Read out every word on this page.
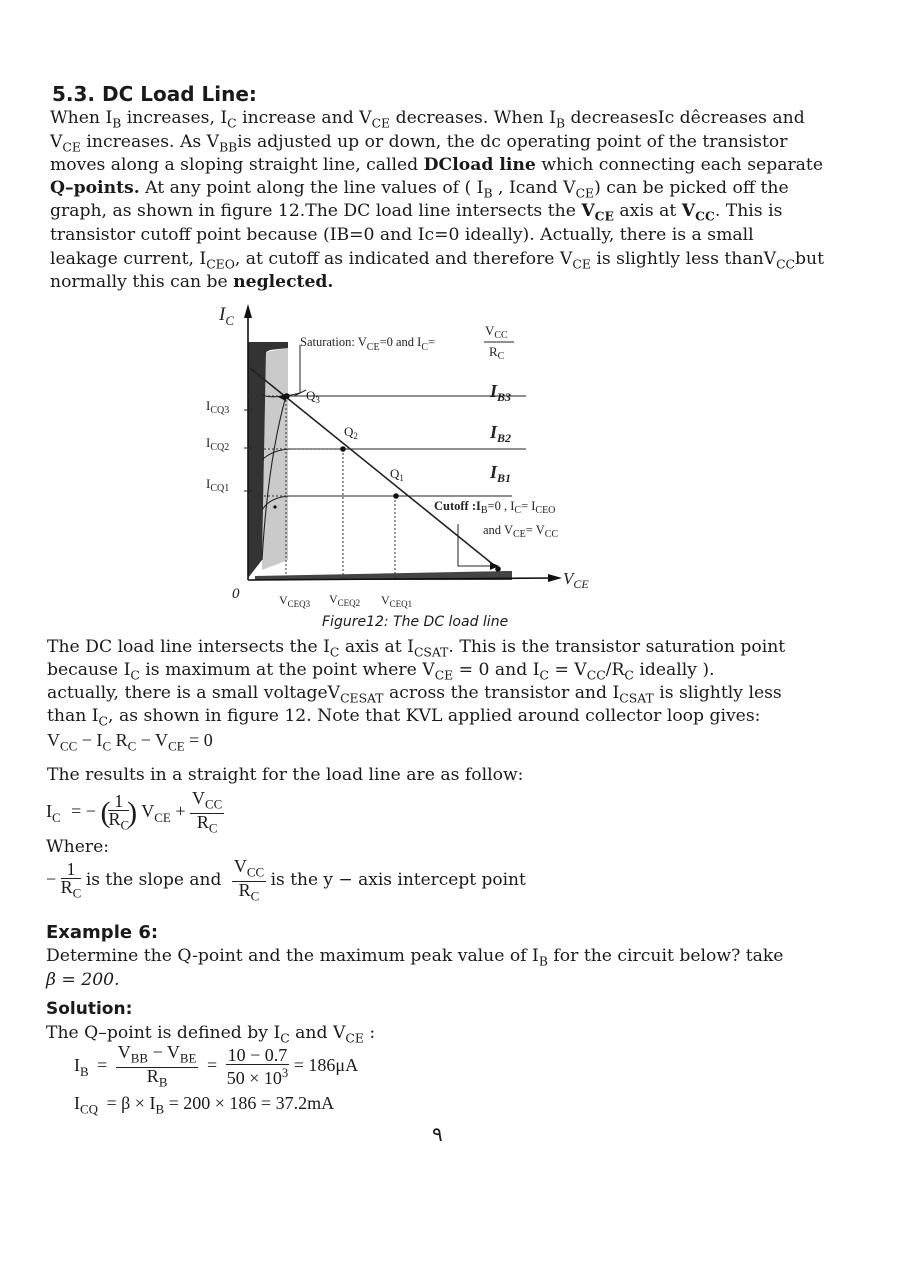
5.3. DC Load Line:
When $I_B$ increases, $I_C$ increase and $V_{CE}$ decreases. When $I_B$ decreasesIc dêcreases and
$V_{CE}$ increases. As $V_{BB}is$ adjusted up or down, the dc operating point of the transistor
moves along a sloping straight line, called DCload line which connecting each separate
Q–points. At any point along the line values of ( $I_B$ , Icand $V_{CE}$) can be picked off the
graph, as shown in figure 12.The DC load line intersects the $V_{CE}$ axis at $V_{CC}$. This is
transistor cutoff point because (IB=0 and Ic=0 ideally). Actually, there is a small
leakage current, $I_{CEO}$, at cutoff as indicated and therefore $V_{CE}$ is slightly less thanV$_{CC}$but
normally this can be neglected.
$I_C$
$V_{CE}$
0
Saturation: $V_{CE}=0$ and $I_C=$
$V_{CC}$
$R_C$
$I_{B3}$
$I_{B2}$
$I_{B1}$
$Q_3$
$Q_2$
$Q_1$
$I_{CQ3}$
$I_{CQ2}$
$I_{CQ1}$
Cutoff $:I_B=0$ , $I_C= I_{CEO}$
and $V_{CE}= V_{CC}$
$V_{CEQ3}$ $V_{CEQ2}$ $V_{CEQ1}$
Figure12: The DC load line
The DC load line intersects the $I_C$ axis at $I_{CSAT}$. This is the transistor saturation point
because $I_C$ is maximum at the point where $V_{CE} = 0$ and $I_C = V_{CC}/R_C$ ideally ).
actually, there is a small voltageV$_{CESAT}$ across the transistor and $I_{CSAT}$ is slightly less
than $I_C$, as shown in figure 12. Note that KVL applied around collector loop gives:
$V_{CC} - I_C$ $R_C - V_{CE} = 0$
The results in a straight for the load line are as follow:
$I_C$ = − (
$\frac{1}{R_C}$
) $V_{CE} + \frac{V_{CC}}{R_C}$
Where:
− $\frac{1}{R_C}$ is the slope and $\frac{V_{CC}}{R_C}$ is the y − axis intercept point
Example 6:
Determine the Q-point and the maximum peak value of $I_B$ for the circuit below? take
β = 200.
Solution:
The Q–point is defined by $I_C$ and $V_{CE}$ :
$I_B = \frac{V_{BB} - V_{BE}}{R_B} = \frac{10 - 0.7}{50 \times 10^3} = 186\mu A$
$I_{CQ} = \beta \times I_B = 200 \times 186 = 37.2mA$
٩
